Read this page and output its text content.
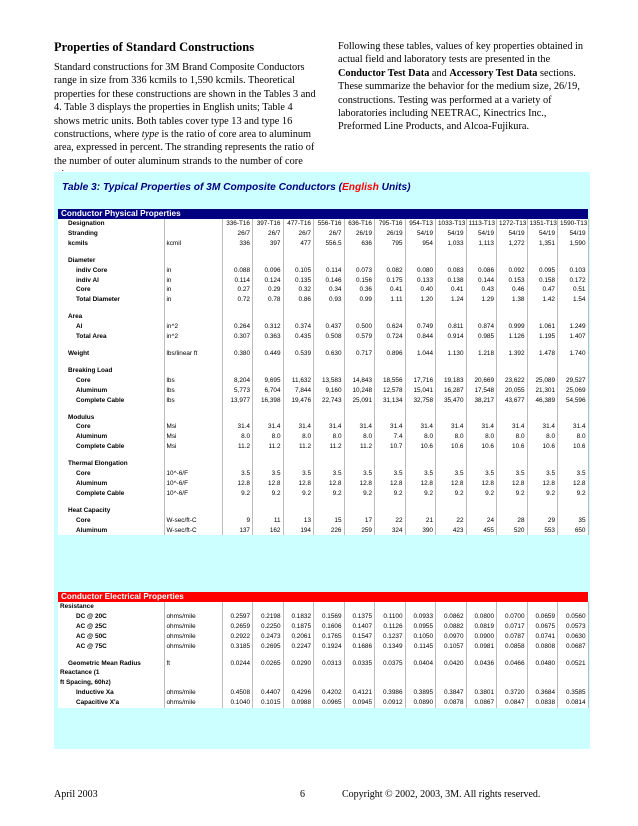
Properties of Standard Constructions

Standard constructions for 3M Brand Composite Conductors range in size from 336 kcmils to 1,590 kcmils. Theoretical properties for these constructions are shown in the Tables 3 and 4. Table 3 displays the properties in English units; Table 4 shows metric units. Both tables cover type 13 and type 16 constructions, where type is the ratio of core area to aluminum area, expressed in percent. The stranding represents the ratio of the number of outer aluminum strands to the number of core

Following these tables, values of key properties obtained in actual field and laboratory tests are presented in the Conductor Test Data and Accessory Test Data sections. These summarize the behavior for the medium size, 26/19, constructions. Testing was performed at a variety of laboratories including NEETRAC, Kinectrics Inc., Preformed Line Products, and Alcoa-Fujikura.

Table 3: Typical Properties of 3M Composite Conductors (English Units)
Conductor Physical Properties
Designation		336-T16	397-T16	477-T16	556-T16	636-T16	795-T16	954-T13	1033-T13	1113-T13	1272-T13	1351-T13	1590-T13
Stranding		26/7	26/7	26/7	26/7	26/19	26/19	54/19	54/19	54/19	54/19	54/19	54/19
kcmils	kcmil	336	397	477	556.5	636	795	954	1,033	1,113	1,272	1,351	1,590

Diameter													
indiv Core	in	0.088	0.096	0.105	0.114	0.073	0.082	0.080	0.083	0.086	0.092	0.095	0.103
indiv Al	in	0.114	0.124	0.135	0.146	0.156	0.175	0.133	0.138	0.144	0.153	0.158	0.172
Core	in	0.27	0.29	0.32	0.34	0.36	0.41	0.40	0.41	0.43	0.46	0.47	0.51
Total Diameter	in	0.72	0.78	0.86	0.93	0.99	1.11	1.20	1.24	1.29	1.38	1.42	1.54

Area													
Al	in^2	0.264	0.312	0.374	0.437	0.500	0.624	0.749	0.811	0.874	0.999	1.061	1.249
Total Area	in^2	0.307	0.363	0.435	0.508	0.579	0.724	0.844	0.914	0.985	1.126	1.195	1.407

Weight	lbs/linear ft	0.380	0.449	0.539	0.630	0.717	0.896	1.044	1.130	1.218	1.392	1.478	1.740

Breaking Load													
Core	lbs	8,204	9,695	11,632	13,583	14,843	18,556	17,716	19,183	20,669	23,622	25,089	29,527
Aluminum	lbs	5,773	6,704	7,844	9,160	10,248	12,578	15,041	16,287	17,548	20,055	21,301	25,069
Complete Cable	lbs	13,977	16,398	19,476	22,743	25,091	31,134	32,758	35,470	38,217	43,677	46,389	54,596

Modulus													
Core	Msi	31.4	31.4	31.4	31.4	31.4	31.4	31.4	31.4	31.4	31.4	31.4	31.4
Aluminum	Msi	8.0	8.0	8.0	8.0	8.0	7.4	8.0	8.0	8.0	8.0	8.0	8.0
Complete Cable	Msi	11.2	11.2	11.2	11.2	11.2	10.7	10.6	10.6	10.6	10.6	10.6	10.6

Thermal Elongation													
Core	10^-6/F	3.5	3.5	3.5	3.5	3.5	3.5	3.5	3.5	3.5	3.5	3.5	3.5
Aluminum	10^-6/F	12.8	12.8	12.8	12.8	12.8	12.8	12.8	12.8	12.8	12.8	12.8	12.8
Complete Cable	10^-6/F	9.2	9.2	9.2	9.2	9.2	9.2	9.2	9.2	9.2	9.2	9.2	9.2

Heat Capacity													
Core	W-sec/ft-C	9	11	13	15	17	22	21	22	24	28	29	35
Aluminum	W-sec/ft-C	137	162	194	226	259	324	390	423	455	520	553	650
Conductor Electrical Properties
Resistance													
DC @ 20C	ohms/mile	0.2597	0.2198	0.1832	0.1569	0.1375	0.1100	0.0933	0.0862	0.0800	0.0700	0.0659	0.0560
AC @ 25C	ohms/mile	0.2659	0.2250	0.1875	0.1606	0.1407	0.1126	0.0955	0.0882	0.0819	0.0717	0.0675	0.0573
AC @ 50C	ohms/mile	0.2922	0.2473	0.2061	0.1765	0.1547	0.1237	0.1050	0.0970	0.0900	0.0787	0.0741	0.0630
AC @ 75C	ohms/mile	0.3185	0.2695	0.2247	0.1924	0.1686	0.1349	0.1145	0.1057	0.0981	0.0858	0.0808	0.0687

Geometric Mean Radius	ft	0.0244	0.0265	0.0290	0.0313	0.0335	0.0375	0.0404	0.0420	0.0436	0.0466	0.0480	0.0521
Reactance (1													
ft Spacing, 60hz)													
Inductive Xa	ohms/mile	0.4508	0.4407	0.4296	0.4202	0.4121	0.3986	0.3895	0.3847	0.3801	0.3720	0.3684	0.3585
Capacitive X'a	ohms/mile	0.1040	0.1015	0.0988	0.0965	0.0945	0.0912	0.0890	0.0878	0.0867	0.0847	0.0838	0.0814
April 2003	6	Copyright © 2002, 2003, 3M. All rights reserved.
